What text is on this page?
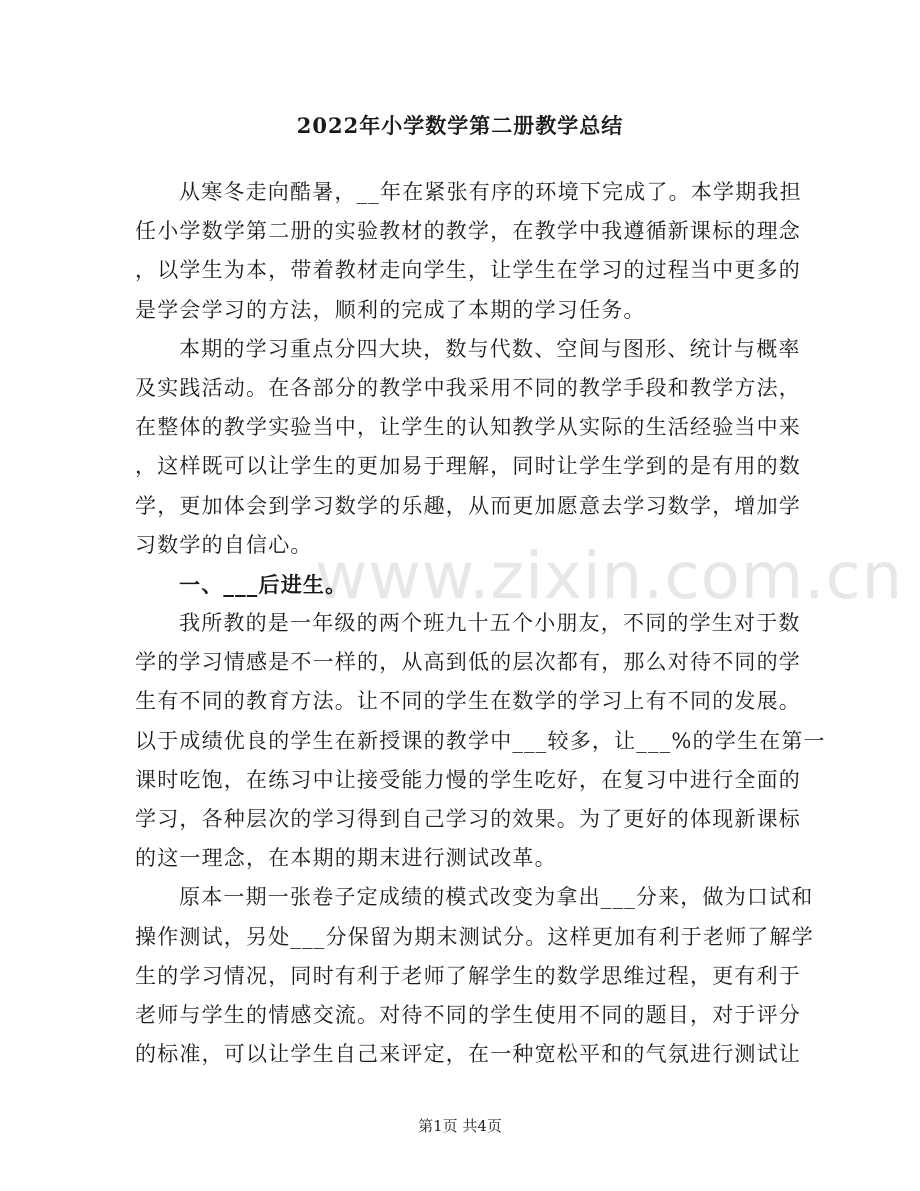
www.zixin.com.cn
2022年小学数学第二册教学总结
从寒冬走向酷暑，__年在紧张有序的环境下完成了。本学期我担
任小学数学第二册的实验教材的教学，在教学中我遵循新课标的理念
，以学生为本，带着教材走向学生，让学生在学习的过程当中更多的
是学会学习的方法，顺利的完成了本期的学习任务。
本期的学习重点分四大块，数与代数、空间与图形、统计与概率
及实践活动。在各部分的教学中我采用不同的教学手段和教学方法，
在整体的教学实验当中，让学生的认知教学从实际的生活经验当中来
，这样既可以让学生的更加易于理解，同时让学生学到的是有用的数
学，更加体会到学习数学的乐趣，从而更加愿意去学习数学，增加学
习数学的自信心。
一、___后进生。
我所教的是一年级的两个班九十五个小朋友，不同的学生对于数
学的学习情感是不一样的，从高到低的层次都有，那么对待不同的学
生有不同的教育方法。让不同的学生在数学的学习上有不同的发展。
以于成绩优良的学生在新授课的教学中___较多，让___%的学生在第一
课时吃饱，在练习中让接受能力慢的学生吃好，在复习中进行全面的
学习，各种层次的学习得到自己学习的效果。为了更好的体现新课标
的这一理念，在本期的期末进行测试改革。
原本一期一张卷子定成绩的模式改变为拿出___分来，做为口试和
操作测试，另处___分保留为期末测试分。这样更加有利于老师了解学
生的学习情况，同时有利于老师了解学生的数学思维过程，更有利于
老师与学生的情感交流。对待不同的学生使用不同的题目，对于评分
的标准，可以让学生自己来评定，在一种宽松平和的气氛进行测试让
第1页 共4页
